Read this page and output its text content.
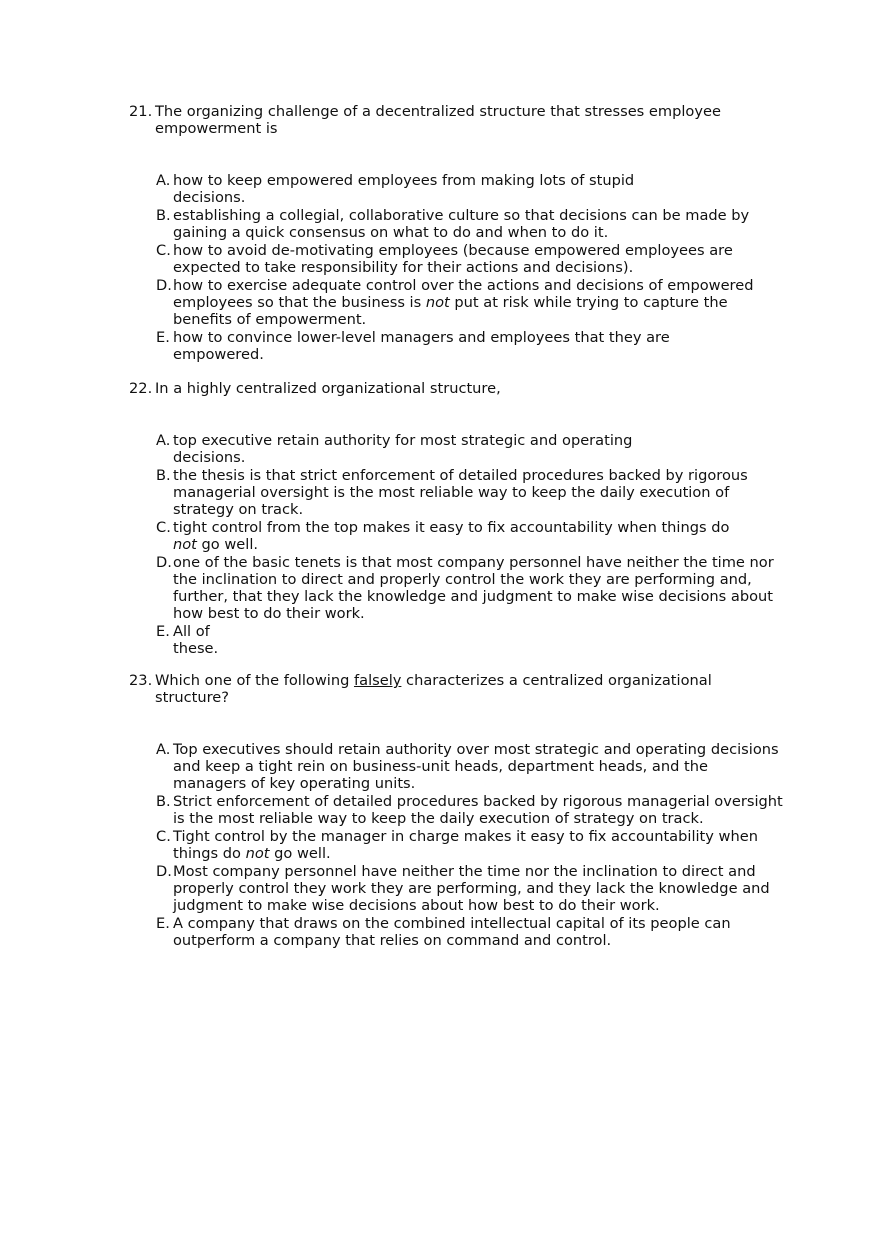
21. The organizing challenge of a decentralized structure that stresses employee empowerment is
A. how to keep empowered employees from making lots of stupid
decisions.
B. establishing a collegial, collaborative culture so that decisions can be made by
gaining a quick consensus on what to do and when to do it.
C. how to avoid de-motivating employees (because empowered employees are
expected to take responsibility for their actions and decisions).
D. how to exercise adequate control over the actions and decisions of empowered
employees so that the business is not put at risk while trying to capture the
benefits of empowerment.
E. how to convince lower-level managers and employees that they are
empowered.
22. In a highly centralized organizational structure,
A. top executive retain authority for most strategic and operating
decisions.
B. the thesis is that strict enforcement of detailed procedures backed by rigorous
managerial oversight is the most reliable way to keep the daily execution of
strategy on track.
C. tight control from the top makes it easy to fix accountability when things do
not go well.
D. one of the basic tenets is that most company personnel have neither the time nor
the inclination to direct and properly control the work they are performing and,
further, that they lack the knowledge and judgment to make wise decisions about
how best to do their work.
E. All of
these.
23. Which one of the following falsely characterizes a centralized organizational
structure?
A. Top executives should retain authority over most strategic and operating decisions
and keep a tight rein on business-unit heads, department heads, and the
managers of key operating units.
B. Strict enforcement of detailed procedures backed by rigorous managerial oversight
is the most reliable way to keep the daily execution of strategy on track.
C. Tight control by the manager in charge makes it easy to fix accountability when
things do not go well.
D. Most company personnel have neither the time nor the inclination to direct and
properly control they work they are performing, and they lack the knowledge and
judgment to make wise decisions about how best to do their work.
E. A company that draws on the combined intellectual capital of its people can
outperform a company that relies on command and control.
